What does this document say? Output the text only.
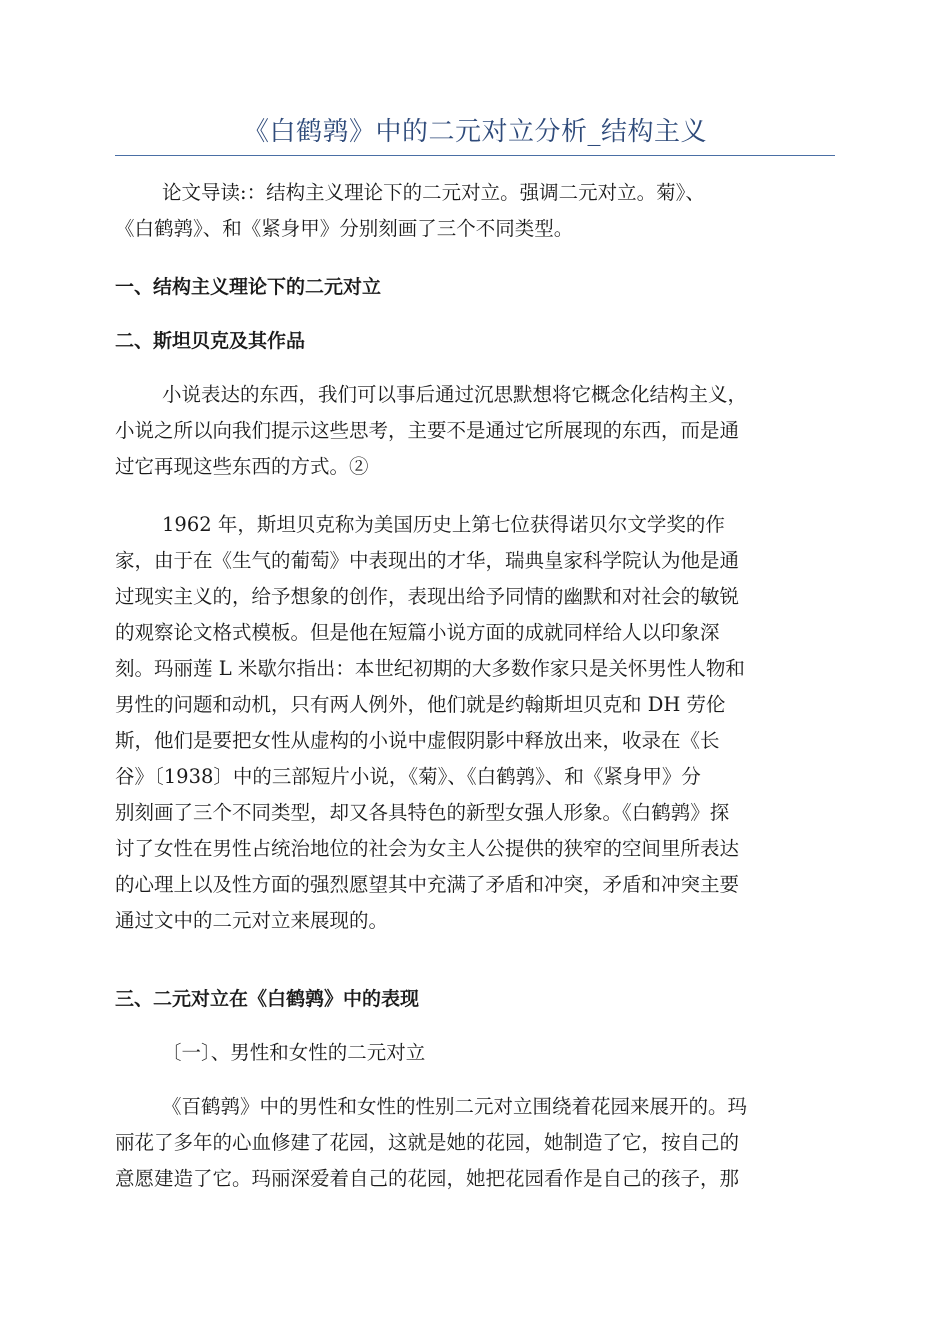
《白鹤鹑》中的二元对立分析_结构主义
论文导读:：结构主义理论下的二元对立。强调二元对立。菊》、
《白鹤鹑》、和《紧身甲》分别刻画了三个不同类型。
一、结构主义理论下的二元对立
二、斯坦贝克及其作品
小说表达的东西，我们可以事后通过沉思默想将它概念化结构主义，
小说之所以向我们提示这些思考，主要不是通过它所展现的东西，而是通
过它再现这些东西的方式。②
1962 年，斯坦贝克称为美国历史上第七位获得诺贝尔文学奖的作
家，由于在《生气的葡萄》中表现出的才华，瑞典皇家科学院认为他是通
过现实主义的，给予想象的创作，表现出给予同情的幽默和对社会的敏锐
的观察论文格式模板。但是他在短篇小说方面的成就同样给人以印象深
刻。玛丽莲 L 米歇尔指出：本世纪初期的大多数作家只是关怀男性人物和
男性的问题和动机，只有两人例外，他们就是约翰斯坦贝克和 DH 劳伦
斯，他们是要把女性从虚构的小说中虚假阴影中释放出来，收录在《长
谷》〔1938〕中的三部短片小说，《菊》、《白鹤鹑》、和《紧身甲》分
别刻画了三个不同类型，却又各具特色的新型女强人形象。《白鹤鹑》探
讨了女性在男性占统治地位的社会为女主人公提供的狭窄的空间里所表达
的心理上以及性方面的强烈愿望其中充满了矛盾和冲突，矛盾和冲突主要
通过文中的二元对立来展现的。
三、二元对立在《白鹤鹑》中的表现
〔一〕、男性和女性的二元对立
《百鹤鹑》中的男性和女性的性别二元对立围绕着花园来展开的。玛
丽花了多年的心血修建了花园，这就是她的花园，她制造了它，按自己的
意愿建造了它。玛丽深爱着自己的花园，她把花园看作是自己的孩子，那
